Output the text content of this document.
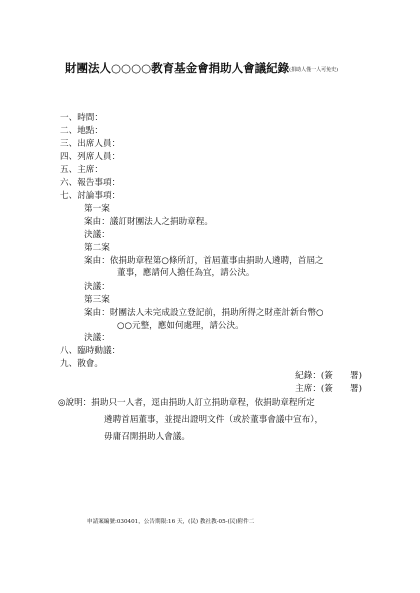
財團法人○○○○教育基金會捐助人會議紀錄(捐助人僅一人可免史)
一、時間：
二、地點：
三、出席人員：
四、列席人員：
五、主席：
六、報告事項：
七、討論事項：
第一案
案由：議訂財團法人之捐助章程。
決議：
第二案
案由：依捐助章程第○條所訂，首屆董事由捐助人遴聘，首屆之
董事，應請何人擔任為宜，請公決。
決議：
第三案
案由：財團法人未完成設立登記前，捐助所得之財產計新台幣○
○○元整，應如何處理，請公決。
決議：
八、臨時動議：
九、散會。
紀錄：(簽　　署)
主席：(簽　　署)
◎說明：捐助只一人者，逕由捐助人訂立捐助章程，依捐助章程所定
遴聘首屆董事，並提出證明文件（或於董事會議中宣布），
毋庸召開捐助人會議。
申請案編號:030401，公告期限:16 天，(民) 教社教-05-(民)附件二
